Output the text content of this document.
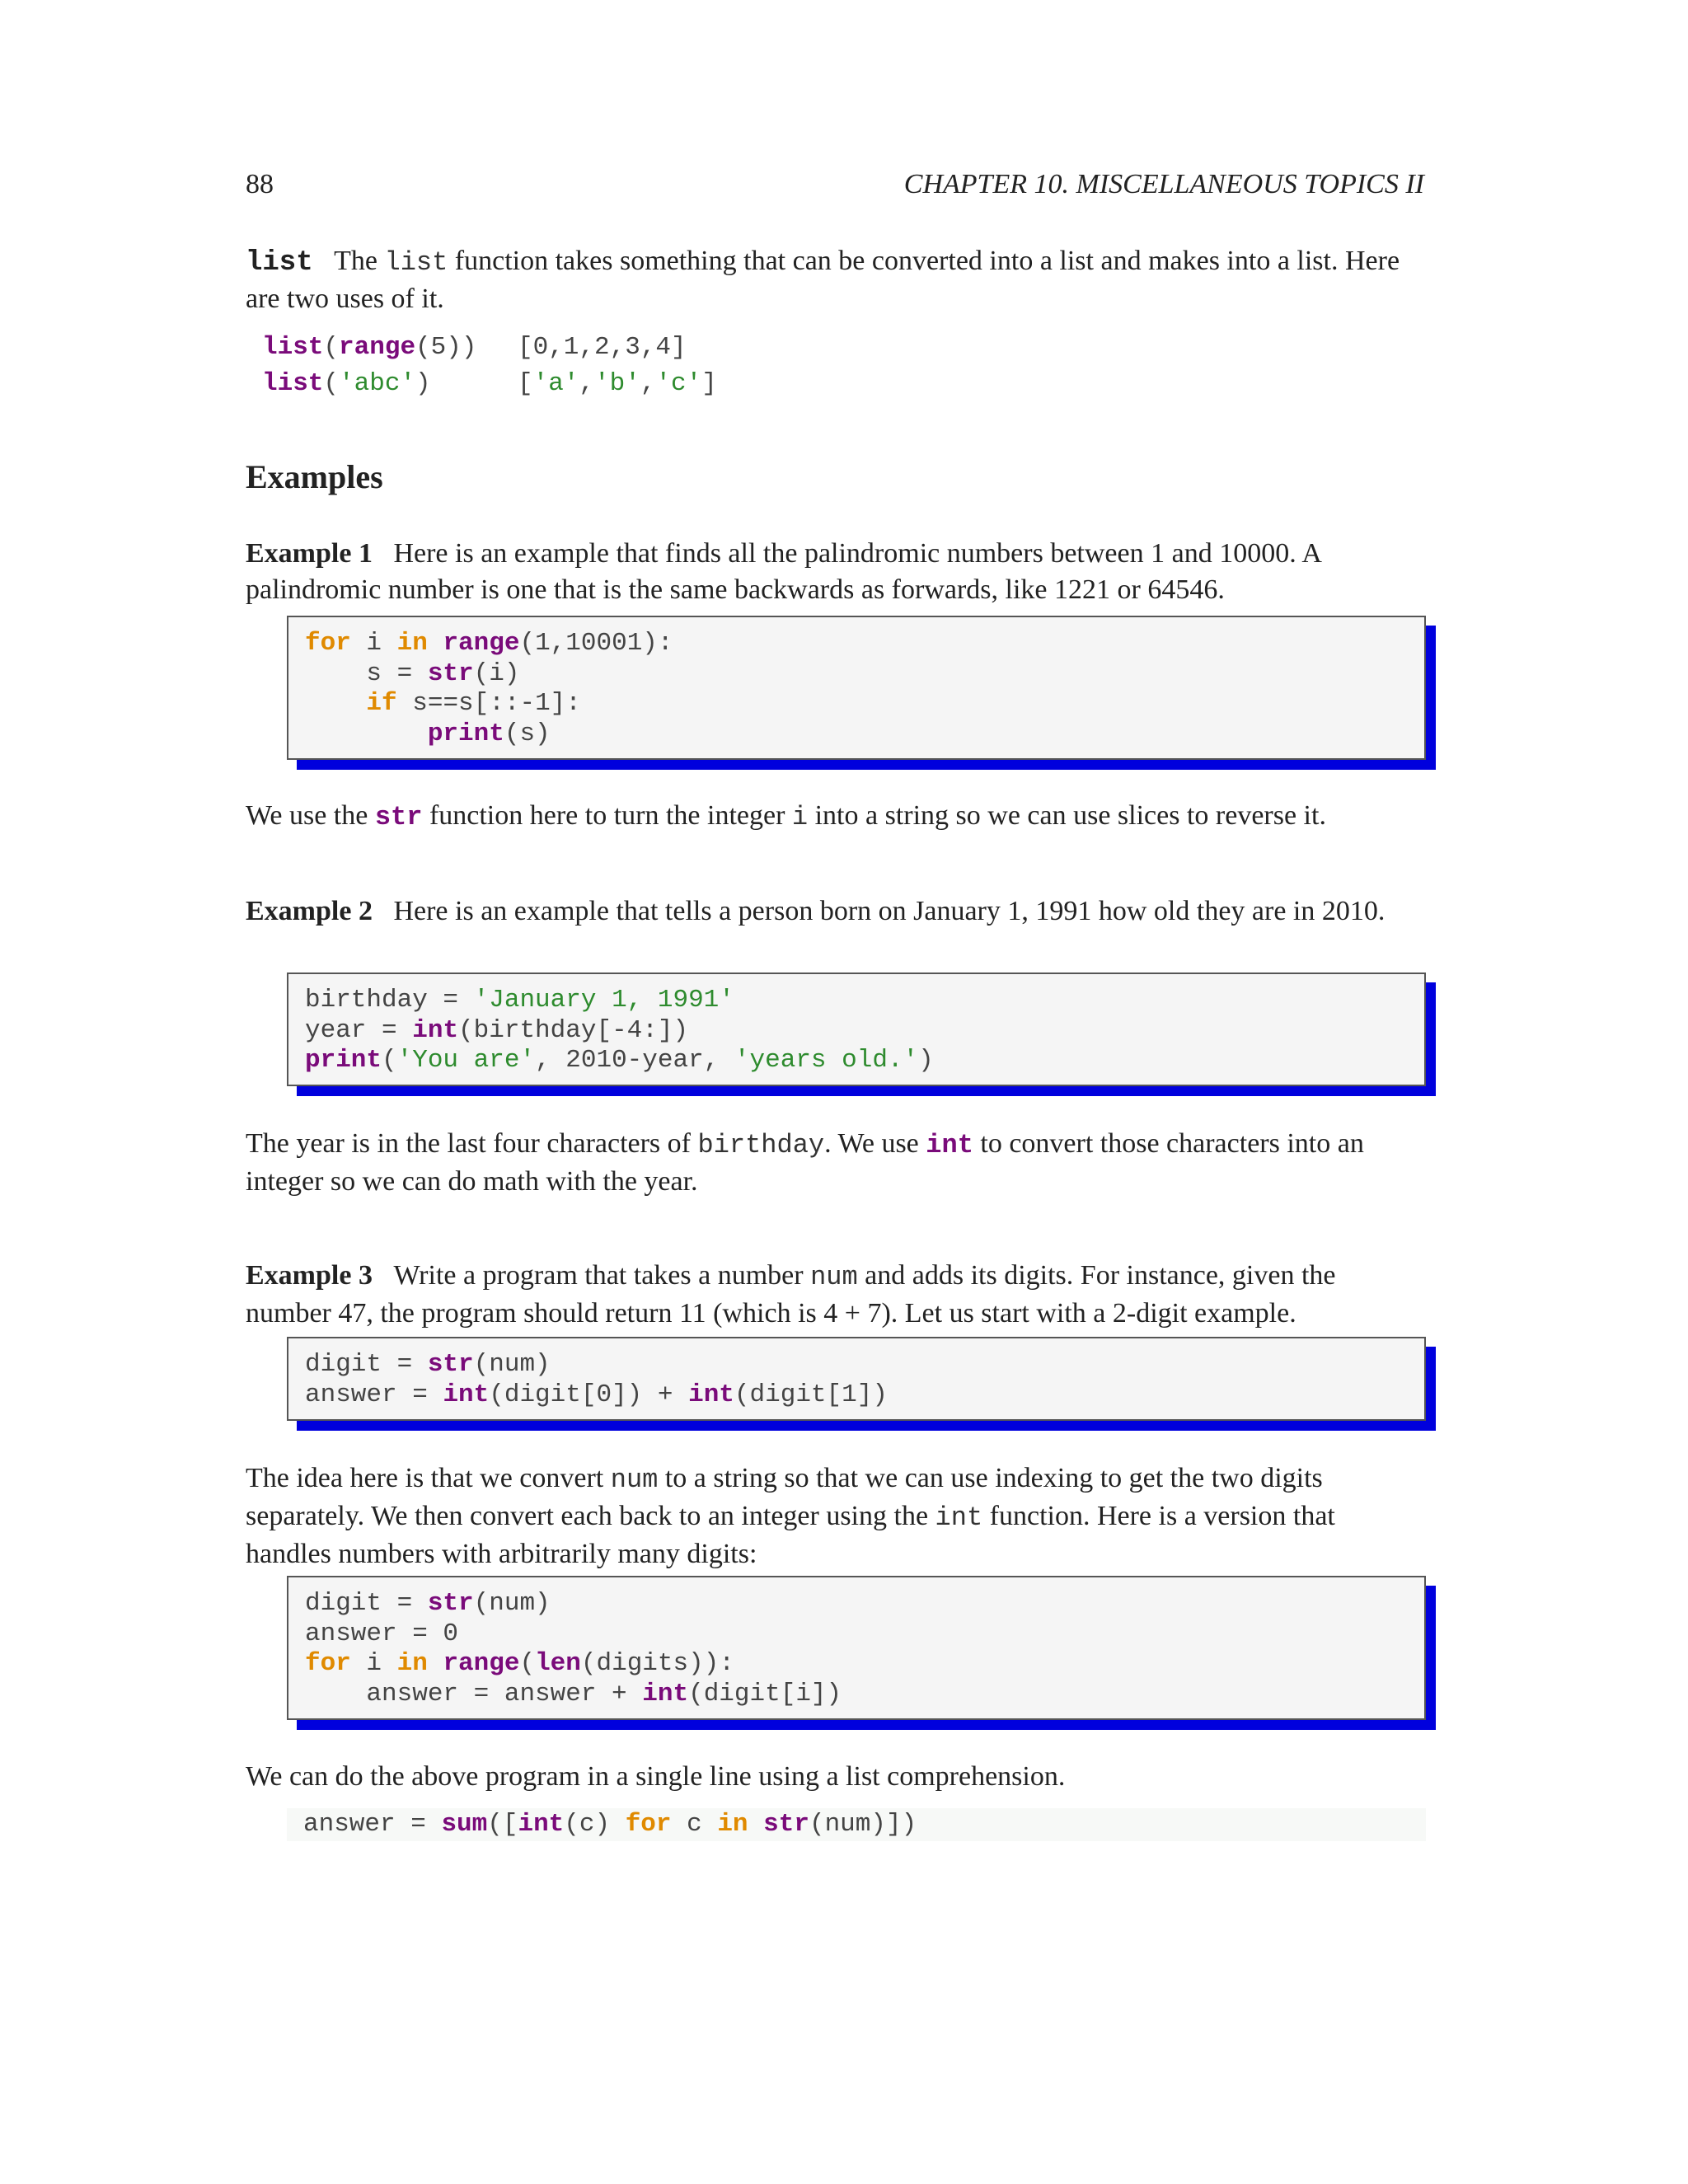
88	CHAPTER 10. MISCELLANEOUS TOPICS II
list The list function takes something that can be converted into a list and makes into a list. Here are two uses of it.

list(range(5))

[0,1,2,3,4]

list('abc')

	['a','b','c']

Examples
Example 1 Here is an example that finds all the palindromic numbers between 1 and 10000. A palindromic number is one that is the same backwards as forwards, like 1221 or 64546.
for i in range(1,10001):
s = str(i)
if s==s[::-1]:
print(s)
We use the str function here to turn the integer i into a string so we can use slices to reverse it.
Example 2 Here is an example that tells a person born on January 1, 1991 how old they are in 2010.
birthday = 'January 1, 1991'
year = int(birthday[-4:])
print('You are', 2010-year, 'years old.')
The year is in the last four characters of birthday. We use int to convert those characters into an integer so we can do math with the year.
Example 3 Write a program that takes a number num and adds its digits. For instance, given the number 47, the program should return 11 (which is 4 + 7). Let us start with a 2-digit example.
digit = str(num)
answer = int(digit[0]) + int(digit[1])
The idea here is that we convert num to a string so that we can use indexing to get the two digits separately. We then convert each back to an integer using the int function. Here is a version that handles numbers with arbitrarily many digits:
digit = str(num)
answer = 0
for i in range(len(digits)):
answer = answer + int(digit[i])
We can do the above program in a single line using a list comprehension.
answer = sum([int(c) for c in str(num)])
